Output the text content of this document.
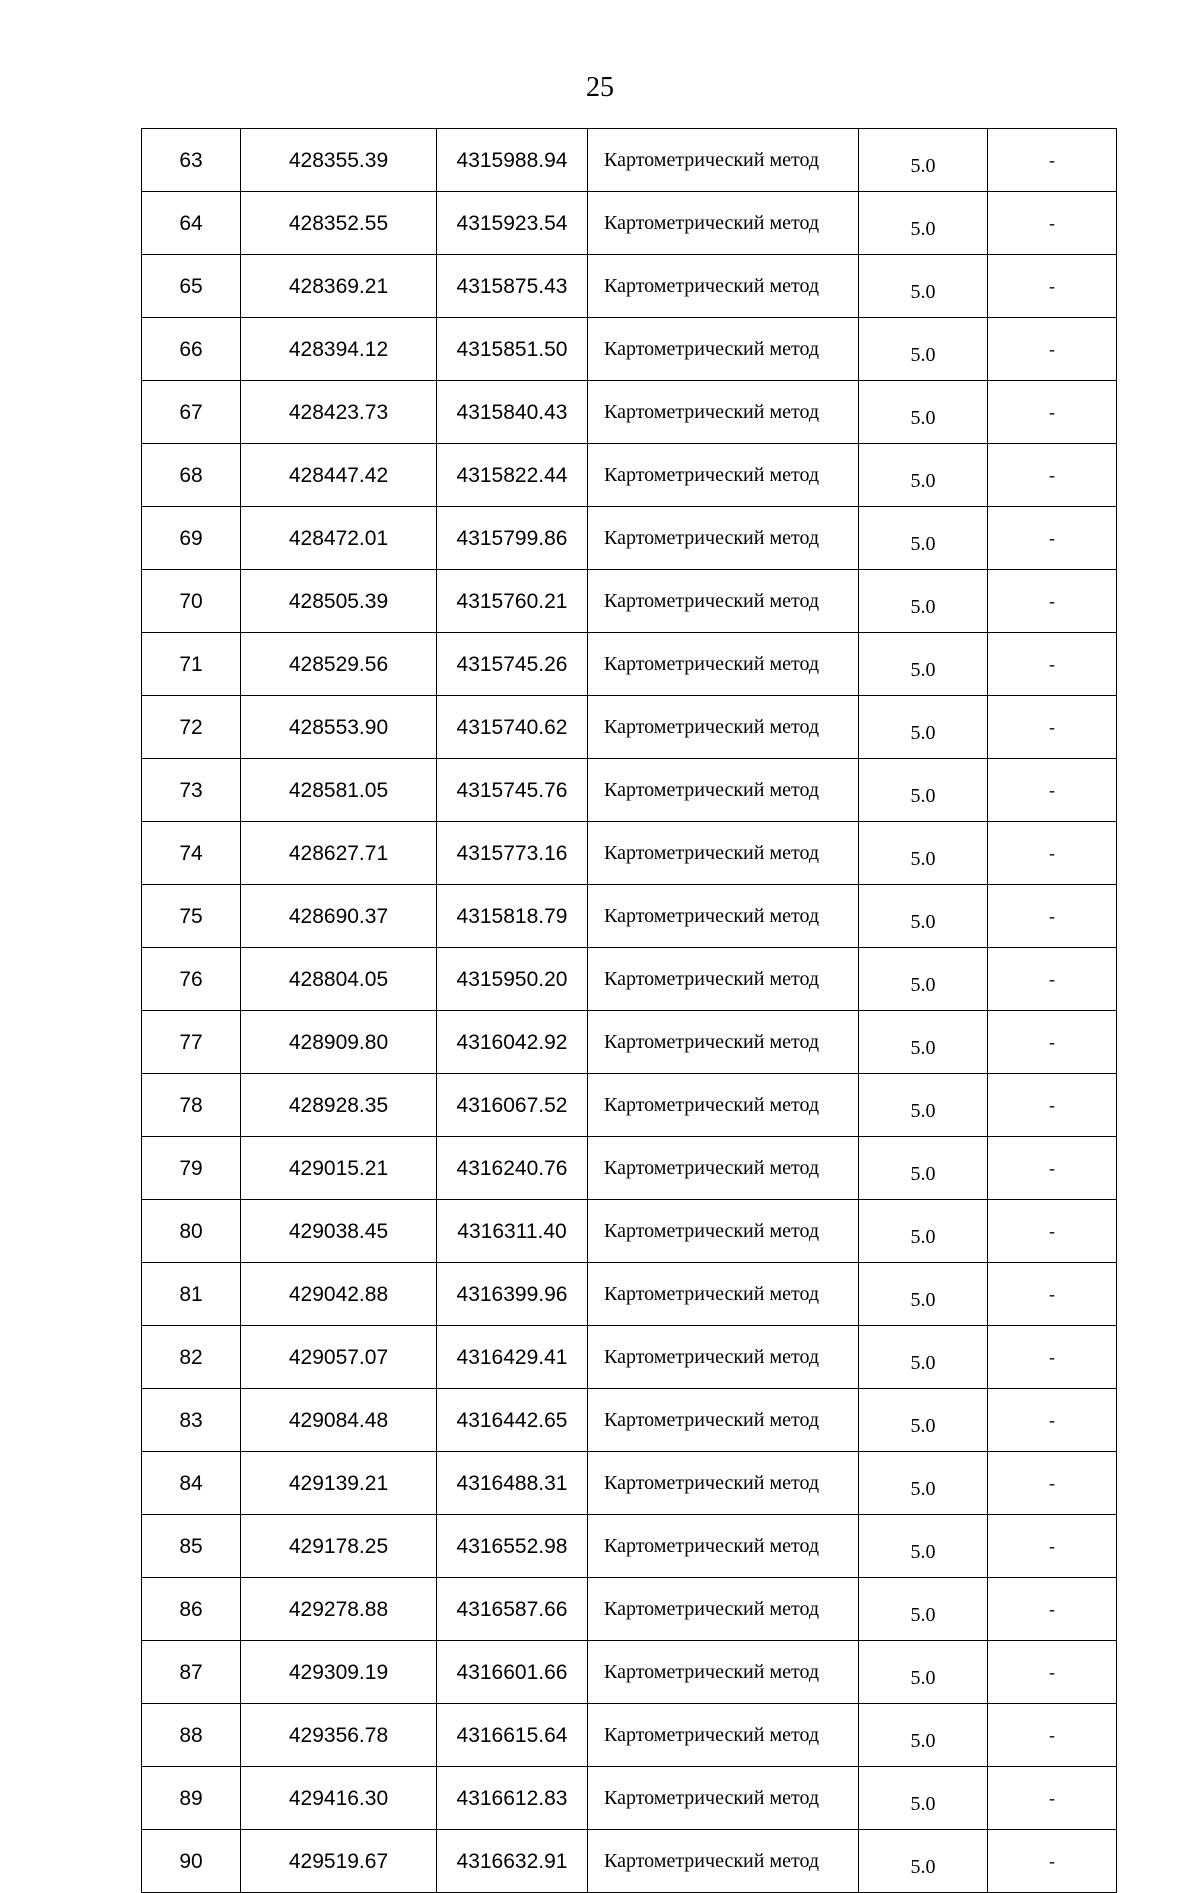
25
63	428355.39	4315988.94	Картометрический метод	5.0	-
64	428352.55	4315923.54	Картометрический метод	5.0	-
65	428369.21	4315875.43	Картометрический метод	5.0	-
66	428394.12	4315851.50	Картометрический метод	5.0	-
67	428423.73	4315840.43	Картометрический метод	5.0	-
68	428447.42	4315822.44	Картометрический метод	5.0	-
69	428472.01	4315799.86	Картометрический метод	5.0	-
70	428505.39	4315760.21	Картометрический метод	5.0	-
71	428529.56	4315745.26	Картометрический метод	5.0	-
72	428553.90	4315740.62	Картометрический метод	5.0	-
73	428581.05	4315745.76	Картометрический метод	5.0	-
74	428627.71	4315773.16	Картометрический метод	5.0	-
75	428690.37	4315818.79	Картометрический метод	5.0	-
76	428804.05	4315950.20	Картометрический метод	5.0	-
77	428909.80	4316042.92	Картометрический метод	5.0	-
78	428928.35	4316067.52	Картометрический метод	5.0	-
79	429015.21	4316240.76	Картометрический метод	5.0	-
80	429038.45	4316311.40	Картометрический метод	5.0	-
81	429042.88	4316399.96	Картометрический метод	5.0	-
82	429057.07	4316429.41	Картометрический метод	5.0	-
83	429084.48	4316442.65	Картометрический метод	5.0	-
84	429139.21	4316488.31	Картометрический метод	5.0	-
85	429178.25	4316552.98	Картометрический метод	5.0	-
86	429278.88	4316587.66	Картометрический метод	5.0	-
87	429309.19	4316601.66	Картометрический метод	5.0	-
88	429356.78	4316615.64	Картометрический метод	5.0	-
89	429416.30	4316612.83	Картометрический метод	5.0	-
90	429519.67	4316632.91	Картометрический метод	5.0	-
